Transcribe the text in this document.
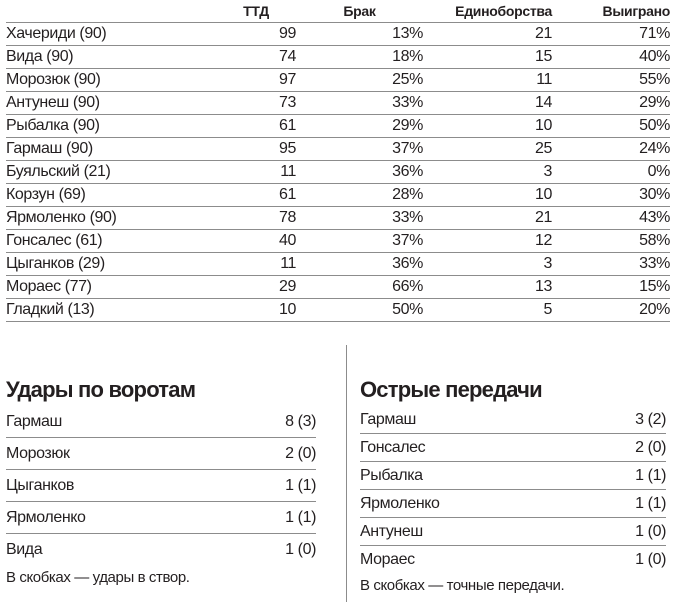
	ТТД	Брак	Единоборства	Выиграно
Хачериди (90)	99	13%	21	71%
Вида (90)	74	18%	15	40%
Морозюк (90)	97	25%	11	55%
Антунеш (90)	73	33%	14	29%
Рыбалка (90)	61	29%	10	50%
Гармаш (90)	95	37%	25	24%
Буяльский (21)	11	36%	3	0%
Корзун (69)	61	28%	10	30%
Ярмоленко (90)	78	33%	21	43%
Гонсалес (61)	40	37%	12	58%
Цыганков (29)	11	36%	3	33%
Мораес (77)	29	66%	13	15%
Гладкий (13)	10	50%	5	20%
Удары по воротам
Гармаш	8 (3)
Морозюк	2 (0)
Цыганков	1 (1)
Ярмоленко	1 (1)
Вида	1 (0)
В скобках — удары в створ.
Острые передачи
Гармаш	3 (2)
Гонсалес	2 (0)
Рыбалка	1 (1)
Ярмоленко	1 (1)
Антунеш	1 (0)
Мораес	1 (0)
В скобках — точные передачи.
